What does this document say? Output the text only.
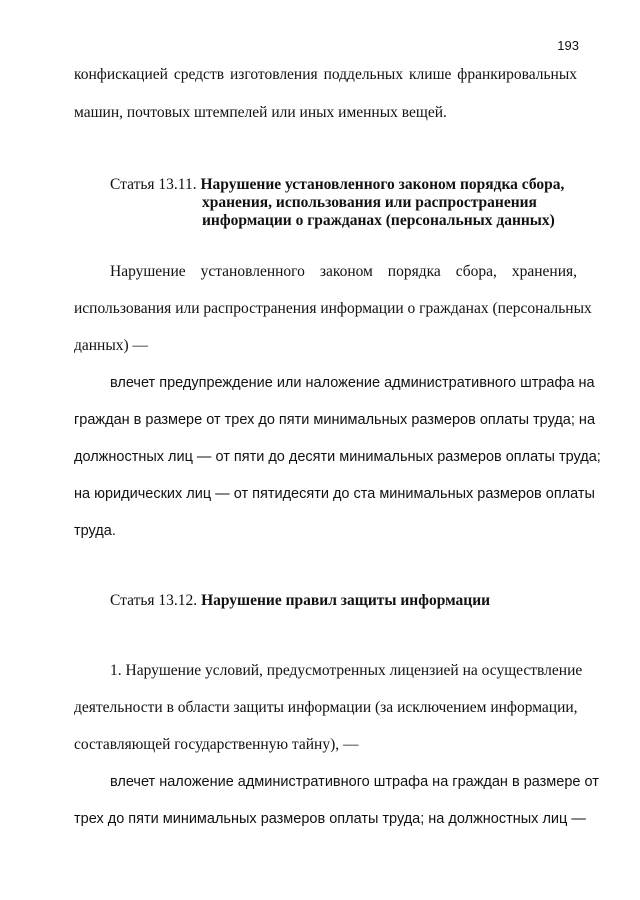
193
конфискацией средств изготовления поддельных клише франкировальных
машин, почтовых штемпелей или иных именных вещей.
Статья 13.11. Нарушение установленного законом порядка сбора,
хранения, использования или распространения
информации о гражданах (персональных данных)
Нарушение установленного законом порядка сбора, хранения,
использования или распространения информации о гражданах (персональных
данных) —
влечет предупреждение или наложение административного штрафа на
граждан в размере от трех до пяти минимальных размеров оплаты труда; на
должностных лиц — от пяти до десяти минимальных размеров оплаты труда;
на юридических лиц — от пятидесяти до ста минимальных размеров оплаты
труда.
Статья 13.12. Нарушение правил защиты информации
1. Нарушение условий, предусмотренных лицензией на осуществление
деятельности в области защиты информации (за исключением информации,
составляющей государственную тайну), —
влечет наложение административного штрафа на граждан в размере от
трех до пяти минимальных размеров оплаты труда; на должностных лиц —
